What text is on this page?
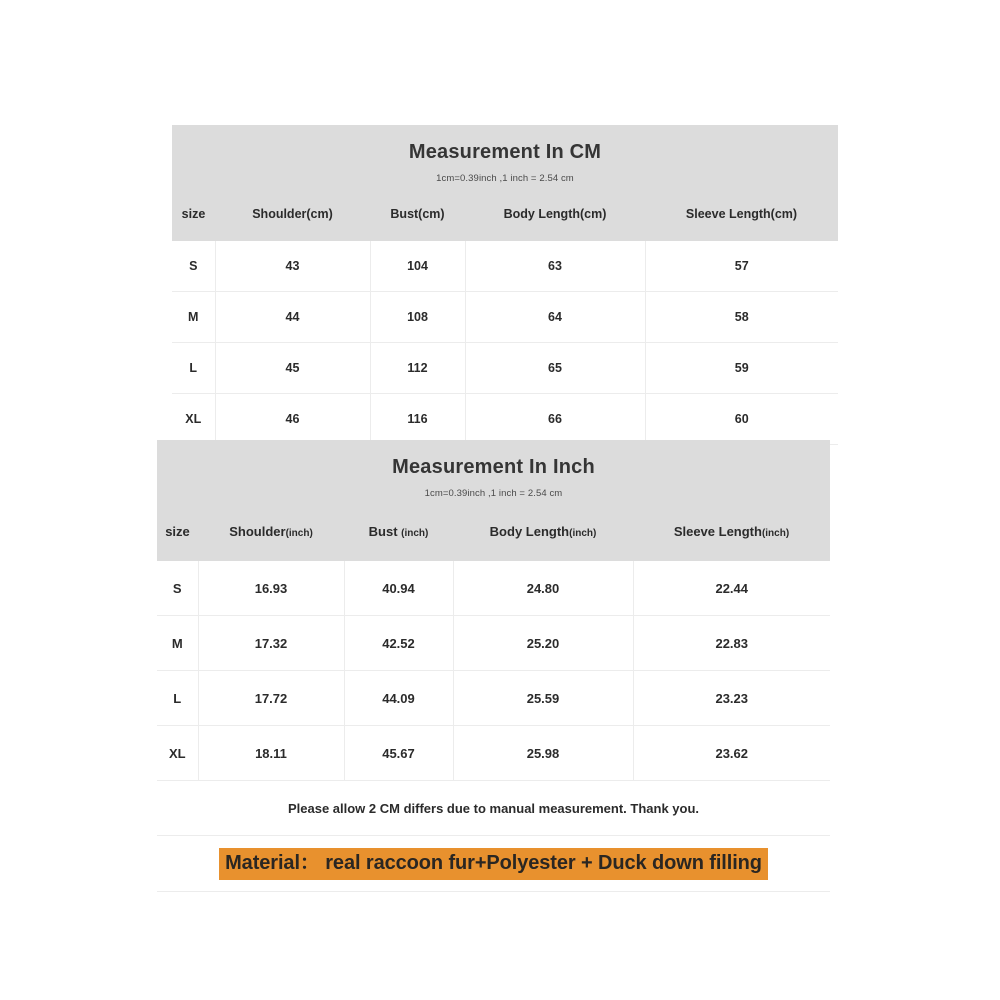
Measurement In CM
1cm=0.39inch ,1 inch = 2.54 cm
size	Shoulder(cm)	Bust(cm)	Body Length(cm)	Sleeve Length(cm)
S	43	104	63	57
M	44	108	64	58
L	45	112	65	59
XL	46	116	66	60
Measurement In Inch
1cm=0.39inch ,1 inch = 2.54 cm
size	Shoulder(inch)	Bust (inch)	Body Length(inch)	Sleeve Length(inch)
S	16.93	40.94	24.80	22.44
M	17.32	42.52	25.20	22.83
L	17.72	44.09	25.59	23.23
XL	18.11	45.67	25.98	23.62
Please allow 2 CM differs due to manual measurement. Thank you.				

Material： real raccoon fur+Polyester + Duck down filling				
